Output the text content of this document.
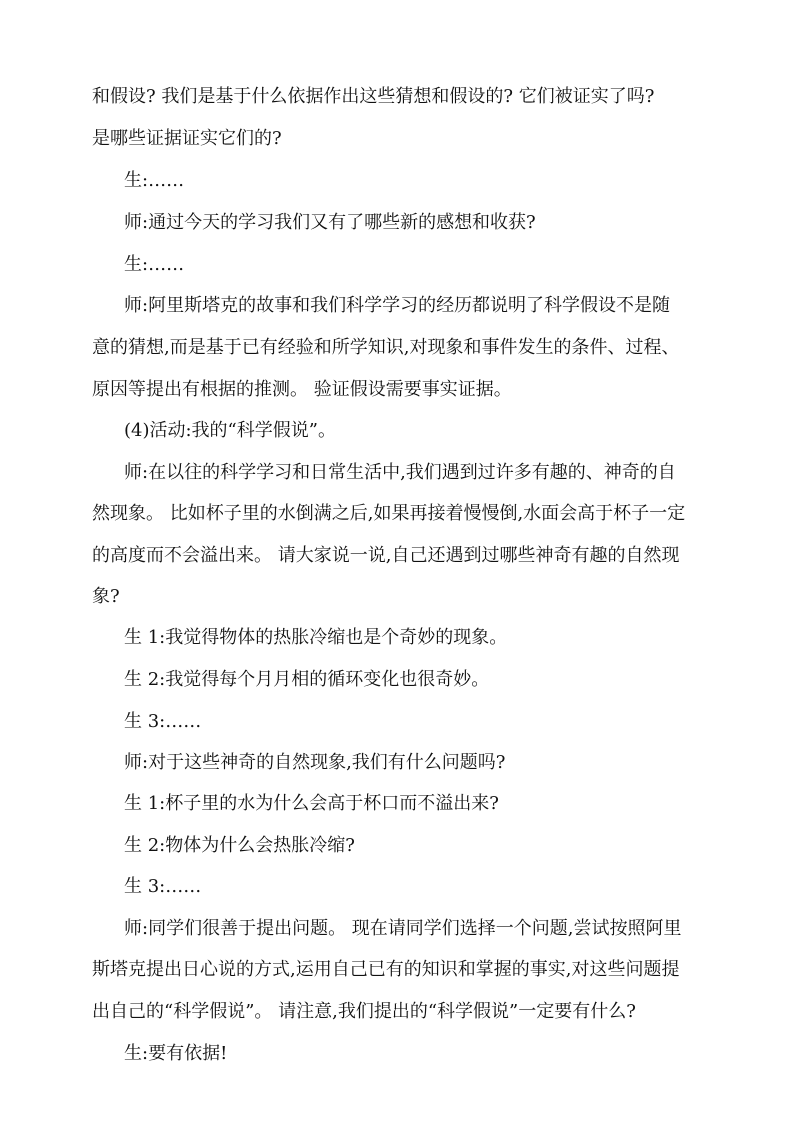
和假设? 我们是基于什么依据作出这些猜想和假设的? 它们被证实了吗?

是哪些证据证实它们的?

生:……

师:通过今天的学习我们又有了哪些新的感想和收获?

生:……

师:阿里斯塔克的故事和我们科学学习的经历都说明了科学假设不是随

意的猜想,而是基于已有经验和所学知识,对现象和事件发生的条件、过程、

原因等提出有根据的推测。 验证假设需要事实证据。

(4)活动:我的“科学假说”。

师:在以往的科学学习和日常生活中,我们遇到过许多有趣的、神奇的自

然现象。 比如杯子里的水倒满之后,如果再接着慢慢倒,水面会高于杯子一定

的高度而不会溢出来。 请大家说一说,自己还遇到过哪些神奇有趣的自然现

象?

生 1:我觉得物体的热胀冷缩也是个奇妙的现象。

生 2:我觉得每个月月相的循环变化也很奇妙。

生 3:……

师:对于这些神奇的自然现象,我们有什么问题吗?

生 1:杯子里的水为什么会高于杯口而不溢出来?

生 2:物体为什么会热胀冷缩?

生 3:……

师:同学们很善于提出问题。 现在请同学们选择一个问题,尝试按照阿里

斯塔克提出日心说的方式,运用自己已有的知识和掌握的事实,对这些问题提

出自己的“科学假说”。 请注意,我们提出的“科学假说”一定要有什么?

生:要有依据!
